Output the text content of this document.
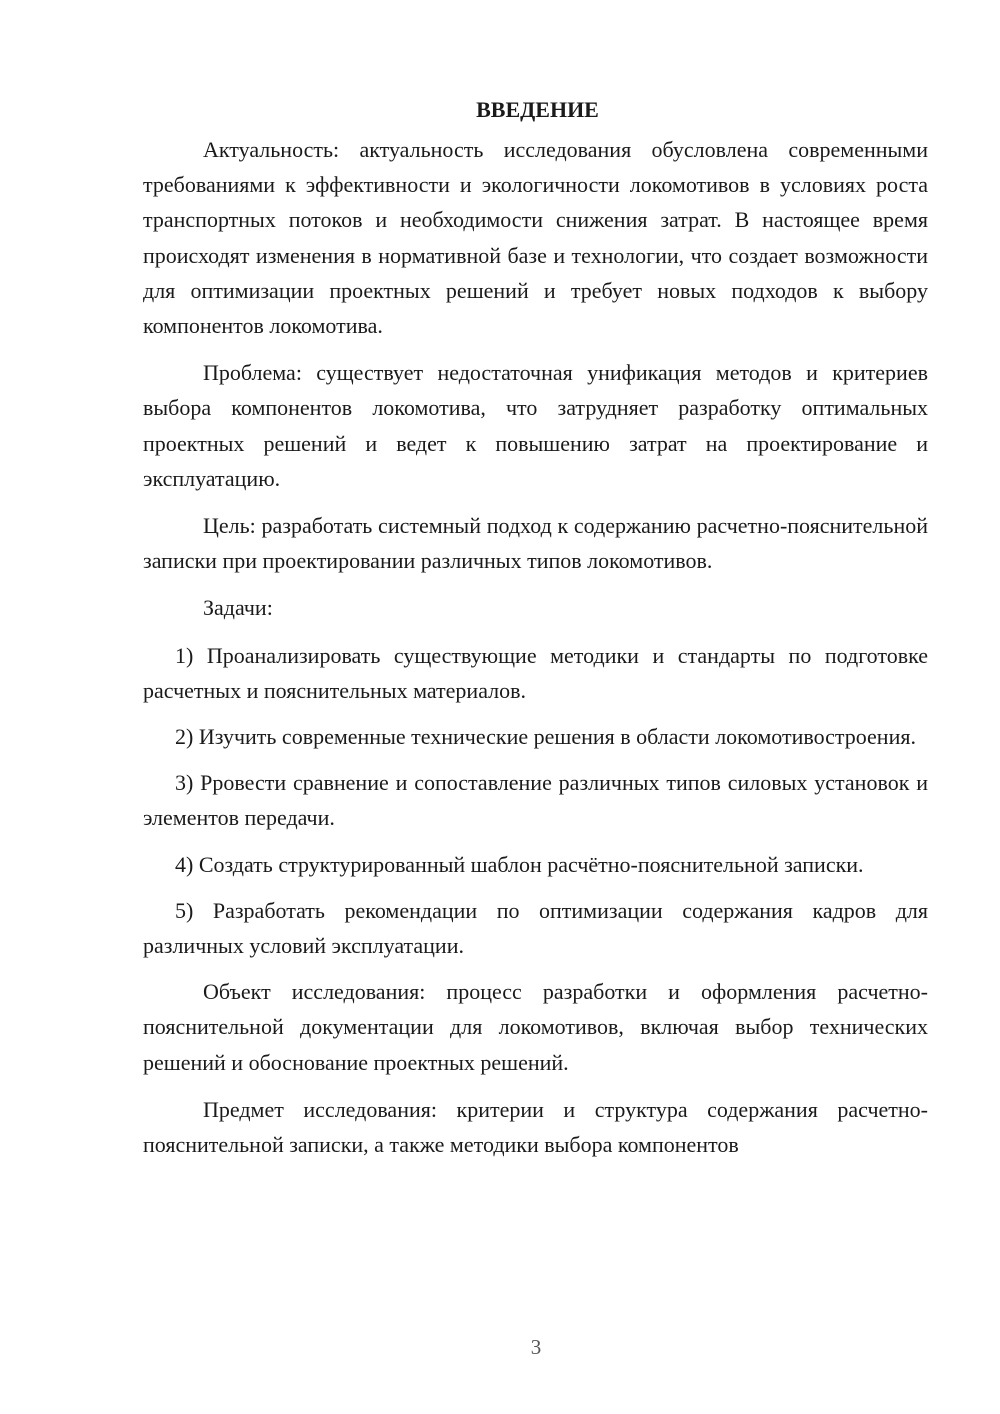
ВВЕДЕНИЕ

Актуальность: актуальность исследования обусловлена современными требованиями к эффективности и экологичности локомотивов в условиях роста транспортных потоков и необходимости снижения затрат. В настоящее время происходят изменения в нормативной базе и технологии, что создает возможности для оптимизации проектных решений и требует новых подходов к выбору компонентов локомотива.

Проблема: существует недостаточная унификация методов и критериев выбора компонентов локомотива, что затрудняет разработку оптимальных проектных решений и ведет к повышению затрат на проектирование и эксплуатацию.

Цель: разработать системный подход к содержанию расчетно-пояснительной записки при проектировании различных типов локомотивов.

Задачи:

1) Проанализировать существующие методики и стандарты по подготовке расчетных и пояснительных материалов.

2) Изучить современные технические решения в области локомотивостроения.

3) Рровести сравнение и сопоставление различных типов силовых установок и элементов передачи.

4) Создать структурированный шаблон расчётно-пояснительной записки.

5) Разработать рекомендации по оптимизации содержания кадров для различных условий эксплуатации.

Объект исследования: процесс разработки и оформления расчетно-пояснительной документации для локомотивов, включая выбор технических решений и обоснование проектных решений.

Предмет исследования: критерии и структура содержания расчетно-пояснительной записки, а также методики выбора компонентов

3
